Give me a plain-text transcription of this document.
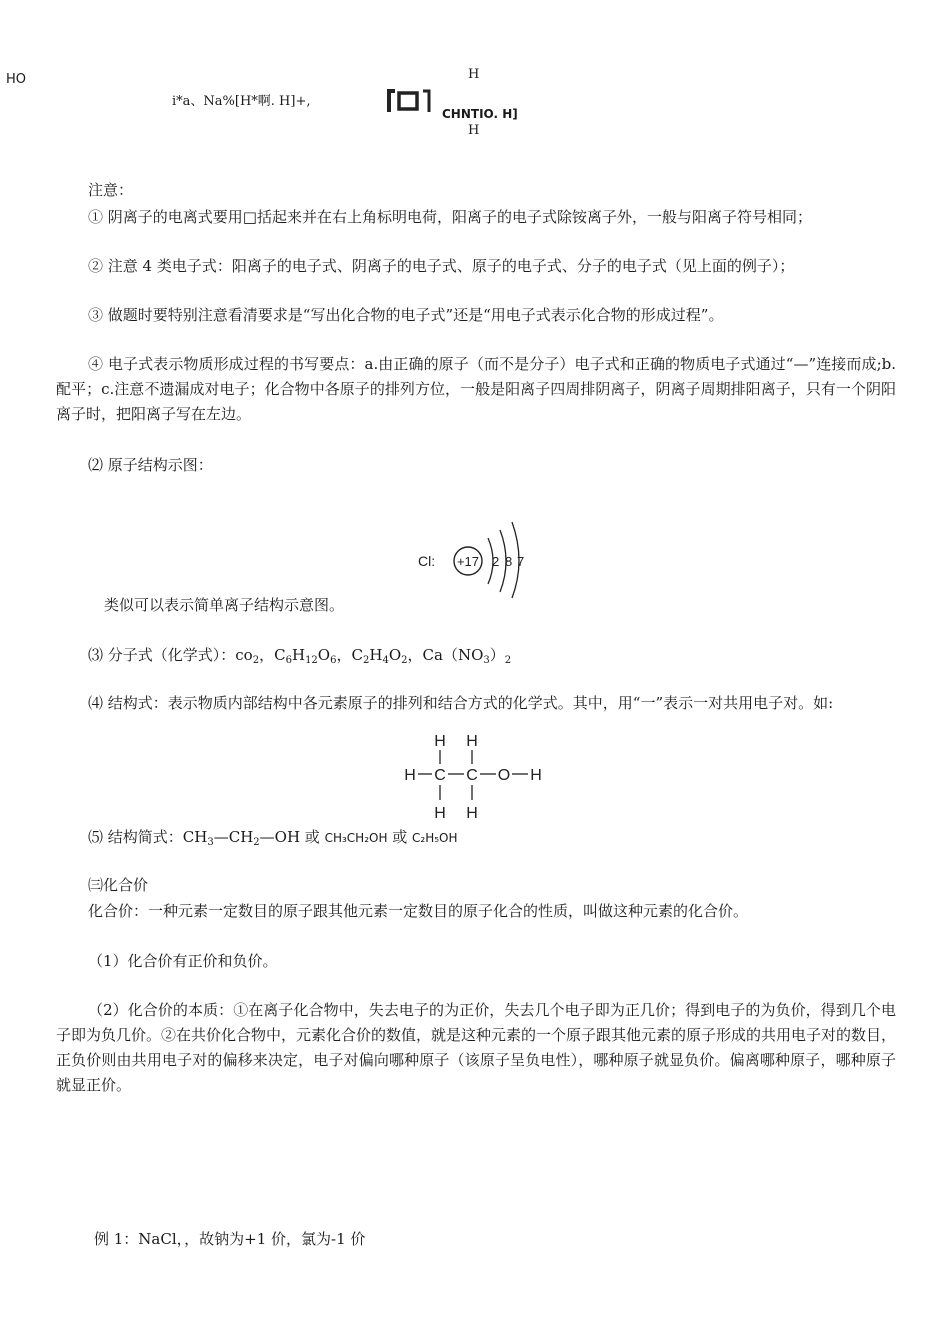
HO
i*a、Na%[H*啊. H]+,
H
H
CHNTIO. H]
注意：
① 阴离子的电离式要用□括起来并在右上角标明电荷，阳离子的电子式除铵离子外，一般与阳离子符号相同；
② 注意 4 类电子式：阳离子的电子式、阴离子的电子式、原子的电子式、分子的电子式（见上面的例子）；
③ 做题时要特别注意看清要求是“写出化合物的电子式”还是“用电子式表示化合物的形成过程”。
④ 电子式表示物质形成过程的书写要点：a.由正确的原子（而不是分子）电子式和正确的物质电子式通过“—”连接而成;b.配平；c.注意不遗漏成对电子；化合物中各原子的排列方位，一般是阳离子四周排阴离子，阴离子周期排阳离子，只有一个阴阳离子时，把阳离子写在左边。
⑵ 原子结构示图：
Cl: +17 2 8 7
类似可以表示简单离子结构示意图。
⑶ 分子式（化学式）：$co_2$，$C_6H_{12}O_6$，$C_2H_4O_2$，$Ca(NO_3)_2$
⑷ 结构式：表示物质内部结构中各元素原子的排列和结合方式的化学式。其中，用“一”表示一对共用电子对。如:
H H
H C C O H
H H
⑸ 结构简式：$CH_3—CH_2—OH$ 或 CH₃CH₂OH 或 C₂H₅OH
㈢化合价
化合价：一种元素一定数目的原子跟其他元素一定数目的原子化合的性质，叫做这种元素的化合价。
（1）化合价有正价和负价。
（2）化合价的本质：①在离子化合物中，失去电子的为正价，失去几个电子即为正几价；得到电子的为负价，得到几个电子即为负几价。②在共价化合物中，元素化合价的数值，就是这种元素的一个原子跟其他元素的原子形成的共用电子对的数目，正负价则由共用电子对的偏移来决定，电子对偏向哪种原子（该原子呈负电性），哪种原子就显负价。偏离哪种原子，哪种原子就显正价。
例 1：NaCl，，故钠为+1 价，氯为-1 价
